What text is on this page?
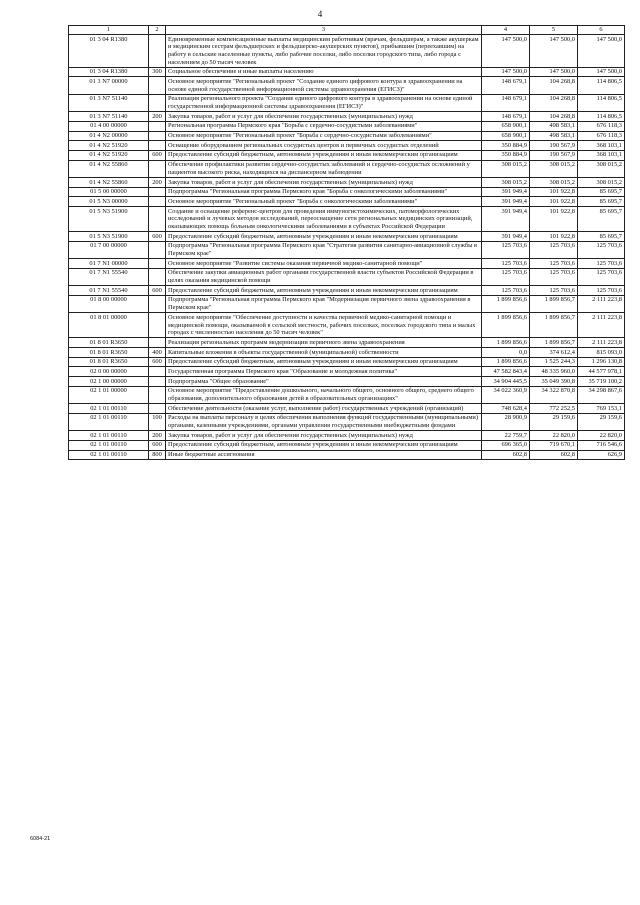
4
1	2	3	4	5	6
01 3 04 R1380		Единовременные компенсационные выплаты медицинским работникам (врачам, фельдшерам, а также акушеркам и медицинским сестрам фельдшерских и фельдшерско-акушерских пунктов), прибывшим (переехавшим) на работу в сельские населенные пункты, либо рабочие поселки, либо поселки городского типа, либо города с населением до 50 тысяч человек	147 500,0	147 500,0	147 500,0
01 3 04 R1380	300	Социальное обеспечение и иные выплаты населению	147 500,0	147 500,0	147 500,0
01 3 N7 00000		Основное мероприятие "Региональный проект "Создание единого цифрового контура в здравоохранении на основе единой государственной информационной системы здравоохранения (ЕГИСЗ)"	148 679,1	104 268,8	114 806,5
01 3 N7 51140		Реализация регионального проекта "Создание единого цифрового контура в здравоохранении на основе единой государственной информационной системы здравоохранения (ЕГИСЗ)"	148 679,1	104 268,8	114 806,5
01 3 N7 51140	200	Закупка товаров, работ и услуг для обеспечения государственных (муниципальных) нужд	148 679,1	104 268,8	114 806,5
01 4 00 00000		Региональная программа Пермского края "Борьба с сердечно-сосудистыми заболеваниями"	658 900,1	498 583,1	676 118,3
01 4 N2 00000		Основное мероприятие "Региональный проект "Борьба с сердечно-сосудистыми заболеваниями"	658 900,1	498 583,1	676 118,3
01 4 N2 51920		Оснащение оборудованием региональных сосудистых центров и первичных сосудистых отделений	350 884,9	190 567,9	368 103,1
01 4 N2 51920	600	Предоставление субсидий бюджетным, автономным учреждениям и иным некоммерческим организациям	350 884,9	190 567,9	368 103,1
01 4 N2 55860		Обеспечение профилактики развития сердечно-сосудистых заболеваний и сердечно-сосудистых осложнений у пациентов высокого риска, находящихся на диспансерном наблюдении	308 015,2	308 015,2	308 015,2
01 4 N2 55860	200	Закупка товаров, работ и услуг для обеспечения государственных (муниципальных) нужд	308 015,2	308 015,2	308 015,2
01 5 00 00000		Подпрограмма "Региональная программа Пермского края "Борьба с онкологическими заболеваниями"	391 949,4	101 922,8	85 695,7
01 5 N3 00000		Основное мероприятие "Региональный проект "Борьба с онкологическими заболеваниями"	391 949,4	101 922,8	85 695,7
01 5 N3 51900		Создание и оснащение референс-центров для проведения иммуногистохимических, патоморфологических исследований и лучевых методов исследований, переоснащение сети региональных медицинских организаций, оказывающих помощь больным онкологическими заболеваниями в субъектах Российской Федерации	391 949,4	101 922,8	85 695,7
01 5 N3 51900	600	Предоставление субсидий бюджетным, автономным учреждениям и иным некоммерческим организациям	391 949,4	101 922,8	85 695,7
01 7 00 00000		Подпрограмма "Региональная программа Пермского края "Стратегия развития санитарно-авиационной службы в Пермском крае"	125 703,6	125 703,6	125 703,6
01 7 N1 00000		Основное мероприятие "Развитие системы оказания первичной медико-санитарной помощи"	125 703,6	125 703,6	125 703,6
01 7 N1 55540		Обеспечение закупки авиационных работ органами государственной власти субъектов Российской Федерации в целях оказания медицинской помощи	125 703,6	125 703,6	125 703,6
01 7 N1 55540	600	Предоставление субсидий бюджетным, автономным учреждениям и иным некоммерческим организациям	125 703,6	125 703,6	125 703,6
01 8 00 00000		Подпрограмма "Региональная программа Пермского края "Модернизация первичного звена здравоохранения в Пермском крае"	1 899 856,6	1 899 856,7	2 111 223,8
01 8 01 00000		Основное мероприятие "Обеспечение доступности и качества первичной медико-санитарной помощи и медицинской помощи, оказываемой в сельской местности, рабочих поселках, поселках городского типа и малых городах с численностью населения до 50 тысяч человек"	1 899 856,6	1 899 856,7	2 111 223,8
01 8 01 R3650		Реализация региональных программ модернизации первичного звена здравоохранения	1 899 856,6	1 899 856,7	2 111 223,8
01 8 01 R3650	400	Капитальные вложения в объекты государственной (муниципальной) собственности	0,0	374 612,4	815 093,0
01 8 01 R3650	600	Предоставление субсидий бюджетным, автономным учреждениям и иным некоммерческим организациям	1 899 856,6	1 525 244,3	1 296 130,8
02 0 00 00000		Государственная программа Пермского края "Образование и молодежная политика"	47 582 843,4	48 335 960,0	44 577 978,1
02 1 00 00000		Подпрограмма "Общее образование"	34 904 445,5	35 049 390,8	35 719 100,2
02 1 01 00000		Основное мероприятие "Предоставление дошкольного, начального общего, основного общего, среднего общего образования, дополнительного образования детей в образовательных организациях"	34 022 360,9	34 322 870,8	34 298 867,6
02 1 01 00110		Обеспечение деятельности (оказание услуг, выполнение работ) государственных учреждений (организаций)	748 628,4	772 252,5	769 153,1
02 1 01 00110	100	Расходы на выплаты персоналу в целях обеспечения выполнения функций государственными (муниципальными) органами, казенными учреждениями, органами управления государственными внебюджетными фондами	28 900,9	29 159,6	29 159,6
02 1 01 00110	200	Закупка товаров, работ и услуг для обеспечения государственных (муниципальных) нужд	22 759,7	22 820,0	22 820,0
02 1 01 00110	600	Предоставление субсидий бюджетным, автономным учреждениям и иным некоммерческим организациям	696 365,0	719 670,1	716 546,6
02 1 01 00110	800	Иные бюджетные ассигнования	602,8	602,8	626,9
6084-21
